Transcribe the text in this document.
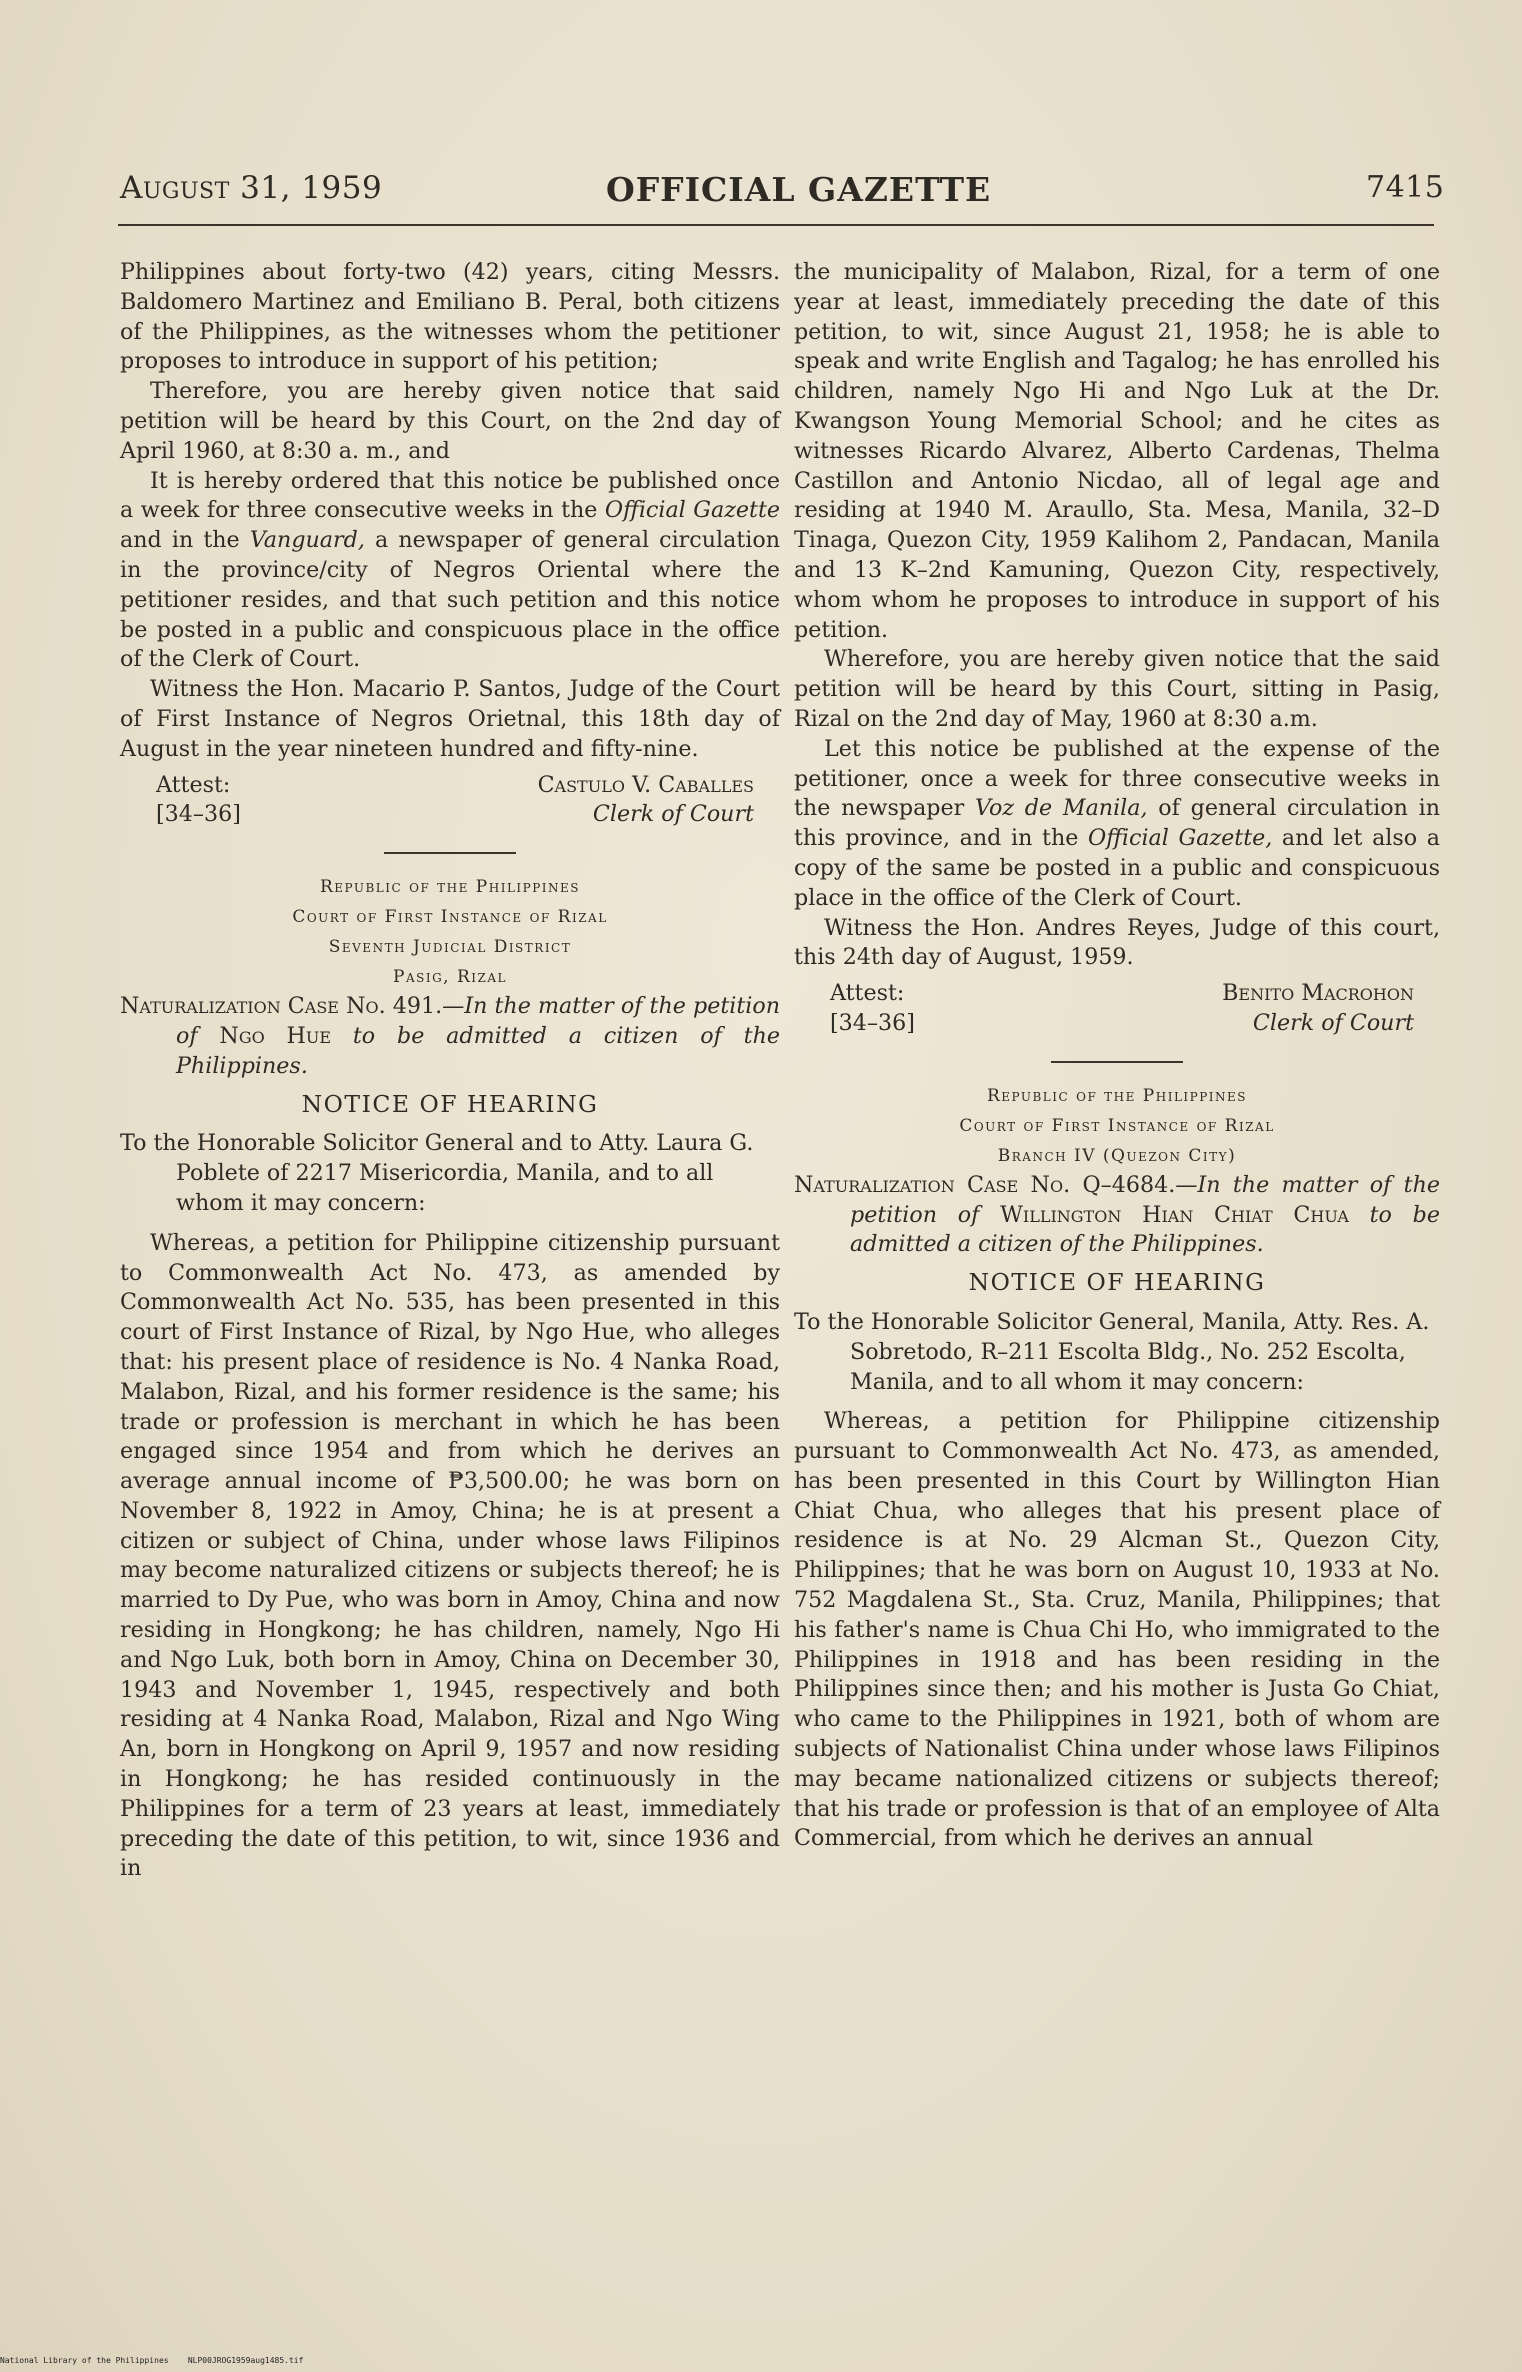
August 31, 1959	OFFICIAL GAZETTE	7415

Philippines about forty-two (42) years, citing Messrs. Baldomero Martinez and Emiliano B. Peral, both citizens of the Philippines, as the witnesses whom the petitioner proposes to introduce in support of his petition;

Therefore, you are hereby given notice that said petition will be heard by this Court, on the 2nd day of April 1960, at 8:30 a. m., and

It is hereby ordered that this notice be published once a week for three consecutive weeks in the Official Gazette and in the Vanguard, a newspaper of general circulation in the province/city of Negros Oriental where the petitioner resides, and that such petition and this notice be posted in a public and conspicuous place in the office of the Clerk of Court.

Witness the Hon. Macario P. Santos, Judge of the Court of First Instance of Negros Orietnal, this 18th day of August in the year nineteen hundred and fifty-nine.

Attest:
[34–36]
Castulo V. Caballes
Clerk of Court
Republic of the Philippines
Court of First Instance of Rizal
Seventh Judicial District
Pasig, Rizal

Naturalization Case No. 491.—In the matter of the petition of Ngo Hue to be admitted a citizen of the Philippines.

NOTICE OF HEARING

To the Honorable Solicitor General and to Atty. Laura G. Poblete of 2217 Misericordia, Manila, and to all whom it may concern:

Whereas, a petition for Philippine citizenship pursuant to Commonwealth Act No. 473, as amended by Commonwealth Act No. 535, has been presented in this court of First Instance of Rizal, by Ngo Hue, who alleges that: his present place of residence is No. 4 Nanka Road, Malabon, Rizal, and his former residence is the same; his trade or profession is merchant in which he has been engaged since 1954 and from which he derives an average annual income of ₱3,500.00; he was born on November 8, 1922 in Amoy, China; he is at present a citizen or subject of China, under whose laws Filipinos may become naturalized citizens or subjects thereof; he is married to Dy Pue, who was born in Amoy, China and now residing in Hongkong; he has children, namely, Ngo Hi and Ngo Luk, both born in Amoy, China on December 30, 1943 and November 1, 1945, respectively and both residing at 4 Nanka Road, Malabon, Rizal and Ngo Wing An, born in Hongkong on April 9, 1957 and now residing in Hongkong; he has resided continuously in the Philippines for a term of 23 years at least, immediately preceding the date of this petition, to wit, since 1936 and in

the municipality of Malabon, Rizal, for a term of one year at least, immediately preceding the date of this petition, to wit, since August 21, 1958; he is able to speak and write English and Tagalog; he has enrolled his children, namely Ngo Hi and Ngo Luk at the Dr. Kwangson Young Memorial School; and he cites as witnesses Ricardo Alvarez, Alberto Cardenas, Thelma Castillon and Antonio Nicdao, all of legal age and residing at 1940 M. Araullo, Sta. Mesa, Manila, 32–D Tinaga, Quezon City, 1959 Kalihom 2, Pandacan, Manila and 13 K–2nd Kamuning, Quezon City, respectively, whom whom he proposes to introduce in support of his petition.

Wherefore, you are hereby given notice that the said petition will be heard by this Court, sitting in Pasig, Rizal on the 2nd day of May, 1960 at 8:30 a.m.

Let this notice be published at the expense of the petitioner, once a week for three consecutive weeks in the newspaper Voz de Manila, of general circulation in this province, and in the Official Gazette, and let also a copy of the same be posted in a public and conspicuous place in the office of the Clerk of Court.

Witness the Hon. Andres Reyes, Judge of this court, this 24th day of August, 1959.

Attest:
[34–36]
Benito Macrohon
Clerk of Court
Republic of the Philippines
Court of First Instance of Rizal
Branch IV (Quezon City)

Naturalization Case No. Q–4684.—In the matter of the petition of Willington Hian Chiat Chua to be admitted a citizen of the Philippines.

NOTICE OF HEARING

To the Honorable Solicitor General, Manila, Atty. Res. A. Sobretodo, R–211 Escolta Bldg., No. 252 Escolta, Manila, and to all whom it may concern:

Whereas, a petition for Philippine citizenship pursuant to Commonwealth Act No. 473, as amended, has been presented in this Court by Willington Hian Chiat Chua, who alleges that his present place of residence is at No. 29 Alcman St., Quezon City, Philippines; that he was born on August 10, 1933 at No. 752 Magdalena St., Sta. Cruz, Manila, Philippines; that his father's name is Chua Chi Ho, who immigrated to the Philippines in 1918 and has been residing in the Philippines since then; and his mother is Justa Go Chiat, who came to the Philippines in 1921, both of whom are subjects of Nationalist China under whose laws Filipinos may became nationalized citizens or subjects thereof; that his trade or profession is that of an employee of Alta Commercial, from which he derives an annual

National Library of the Philippines NLP00JROG1959aug1485.tif
